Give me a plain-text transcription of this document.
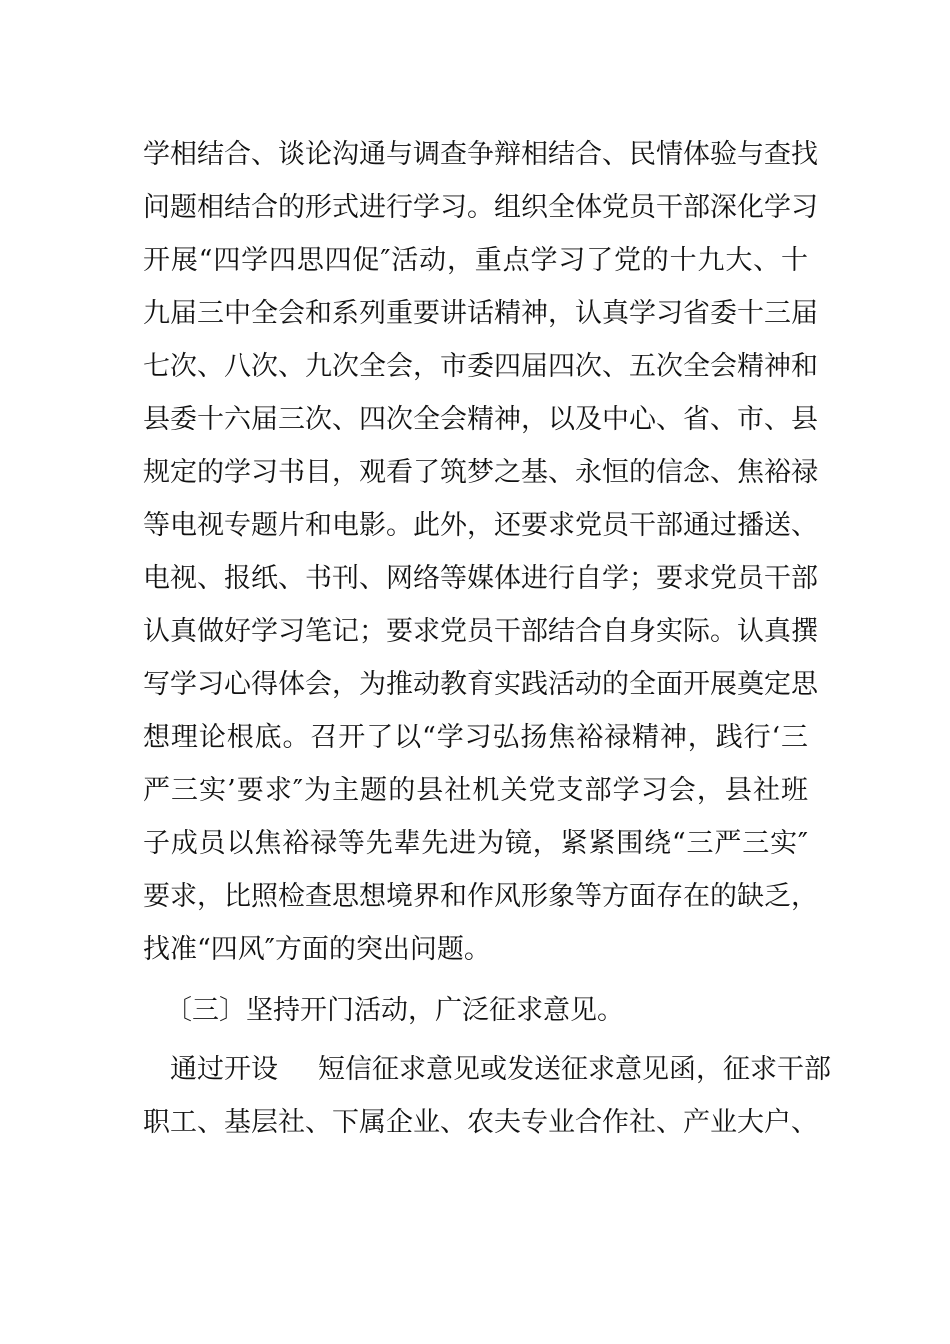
学相结合、谈论沟通与调查争辩相结合、民情体验与查找
问题相结合的形式进行学习。组织全体党员干部深化学习
开展“四学四思四促″活动，重点学习了党的十九大、十
九届三中全会和系列重要讲话精神，认真学习省委十三届
七次、八次、九次全会，市委四届四次、五次全会精神和
县委十六届三次、四次全会精神，以及中心、省、市、县
规定的学习书目，观看了筑梦之基、永恒的信念、焦裕禄
等电视专题片和电影。此外，还要求党员干部通过播送、
电视、报纸、书刊、网络等媒体进行自学；要求党员干部
认真做好学习笔记；要求党员干部结合自身实际。认真撰
写学习心得体会，为推动教育实践活动的全面开展奠定思
想理论根底。召开了以“学习弘扬焦裕禄精神，践行‘三
严三实’要求″为主题的县社机关党支部学习会，县社班
子成员以焦裕禄等先辈先进为镜，紧紧围绕“三严三实″
要求，比照检查思想境界和作风形象等方面存在的缺乏，
找准“四风″方面的突出问题。
〔三〕坚持开门活动，广泛征求意见。
通过开设 短信征求意见或发送征求意见函，征求干部
职工、基层社、下属企业、农夫专业合作社、产业大户、
